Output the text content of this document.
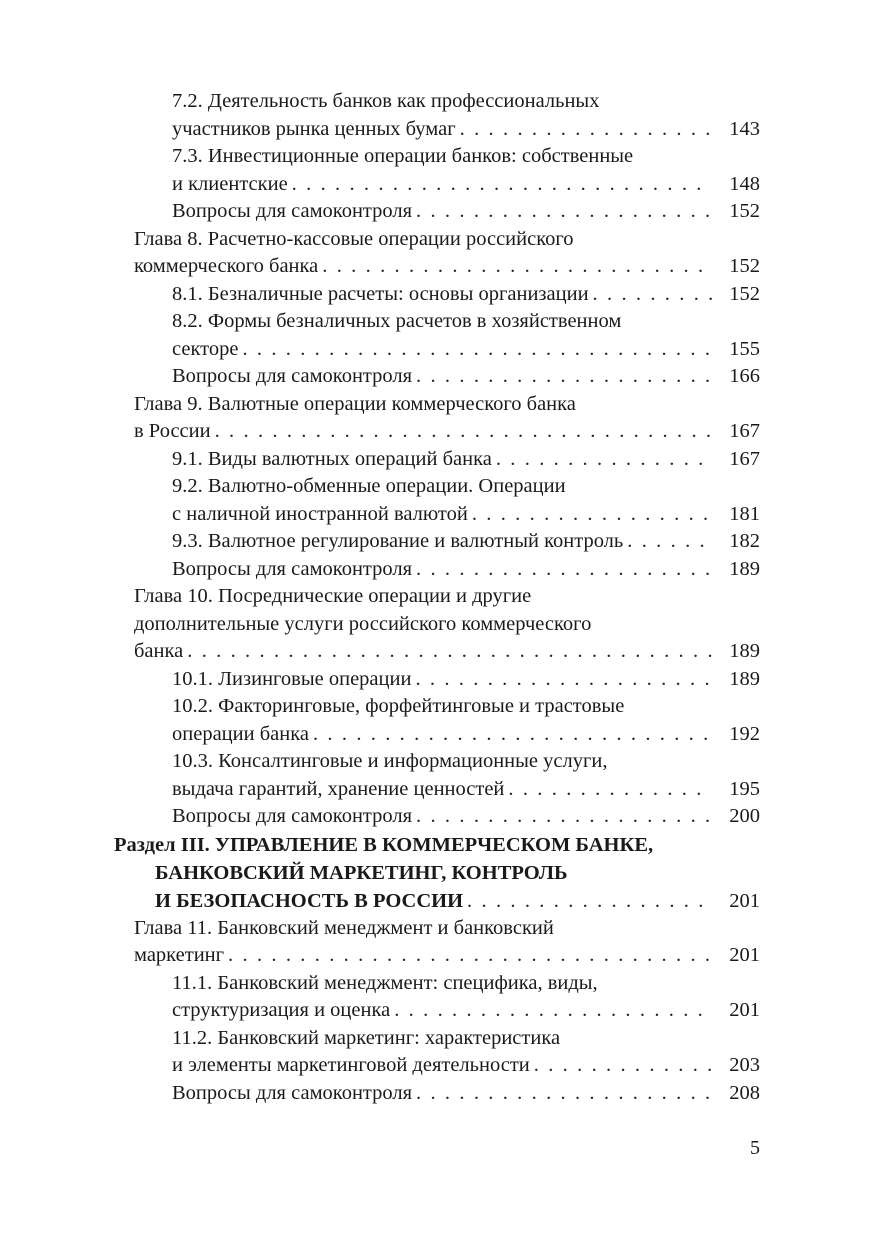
7.2. Деятельность банков как профессиональных
участников рынка ценных бумаг . . .	143
7.3. Инвестиционные операции банков: собственные
и клиентские . . .	148
Вопросы для самоконтроля . . .	152
Глава 8. Расчетно-кассовые операции российского
коммерческого банка . . .	152
8.1. Безналичные расчеты: основы организации . . .	152
8.2. Формы безналичных расчетов в хозяйственном
секторе . . .	155
Вопросы для самоконтроля . . .	166
Глава 9. Валютные операции коммерческого банка
в России . . .	167
9.1. Виды валютных операций банка . . .	167
9.2. Валютно-обменные операции. Операции
с наличной иностранной валютой . . .	181
9.3. Валютное регулирование и валютный контроль . . .	182
Вопросы для самоконтроля . . .	189
Глава 10. Посреднические операции и другие
дополнительные услуги российского коммерческого
банка . . .	189
10.1. Лизинговые операции . . .	189
10.2. Факторинговые, форфейтинговые и трастовые
операции банка . . .	192
10.3. Консалтинговые и информационные услуги,
выдача гарантий, хранение ценностей . . .	195
Вопросы для самоконтроля . . .	200
Раздел III. УПРАВЛЕНИЕ В КОММЕРЧЕСКОМ БАНКЕ,
БАНКОВСКИЙ МАРКЕТИНГ, КОНТРОЛЬ
И БЕЗОПАСНОСТЬ В РОССИИ . . .	201
Глава 11. Банковский менеджмент и банковский
маркетинг . . .	201
11.1. Банковский менеджмент: специфика, виды,
структуризация и оценка . . .	201
11.2. Банковский маркетинг: характеристика
и элементы маркетинговой деятельности . . .	203
Вопросы для самоконтроля . . .	208
5
